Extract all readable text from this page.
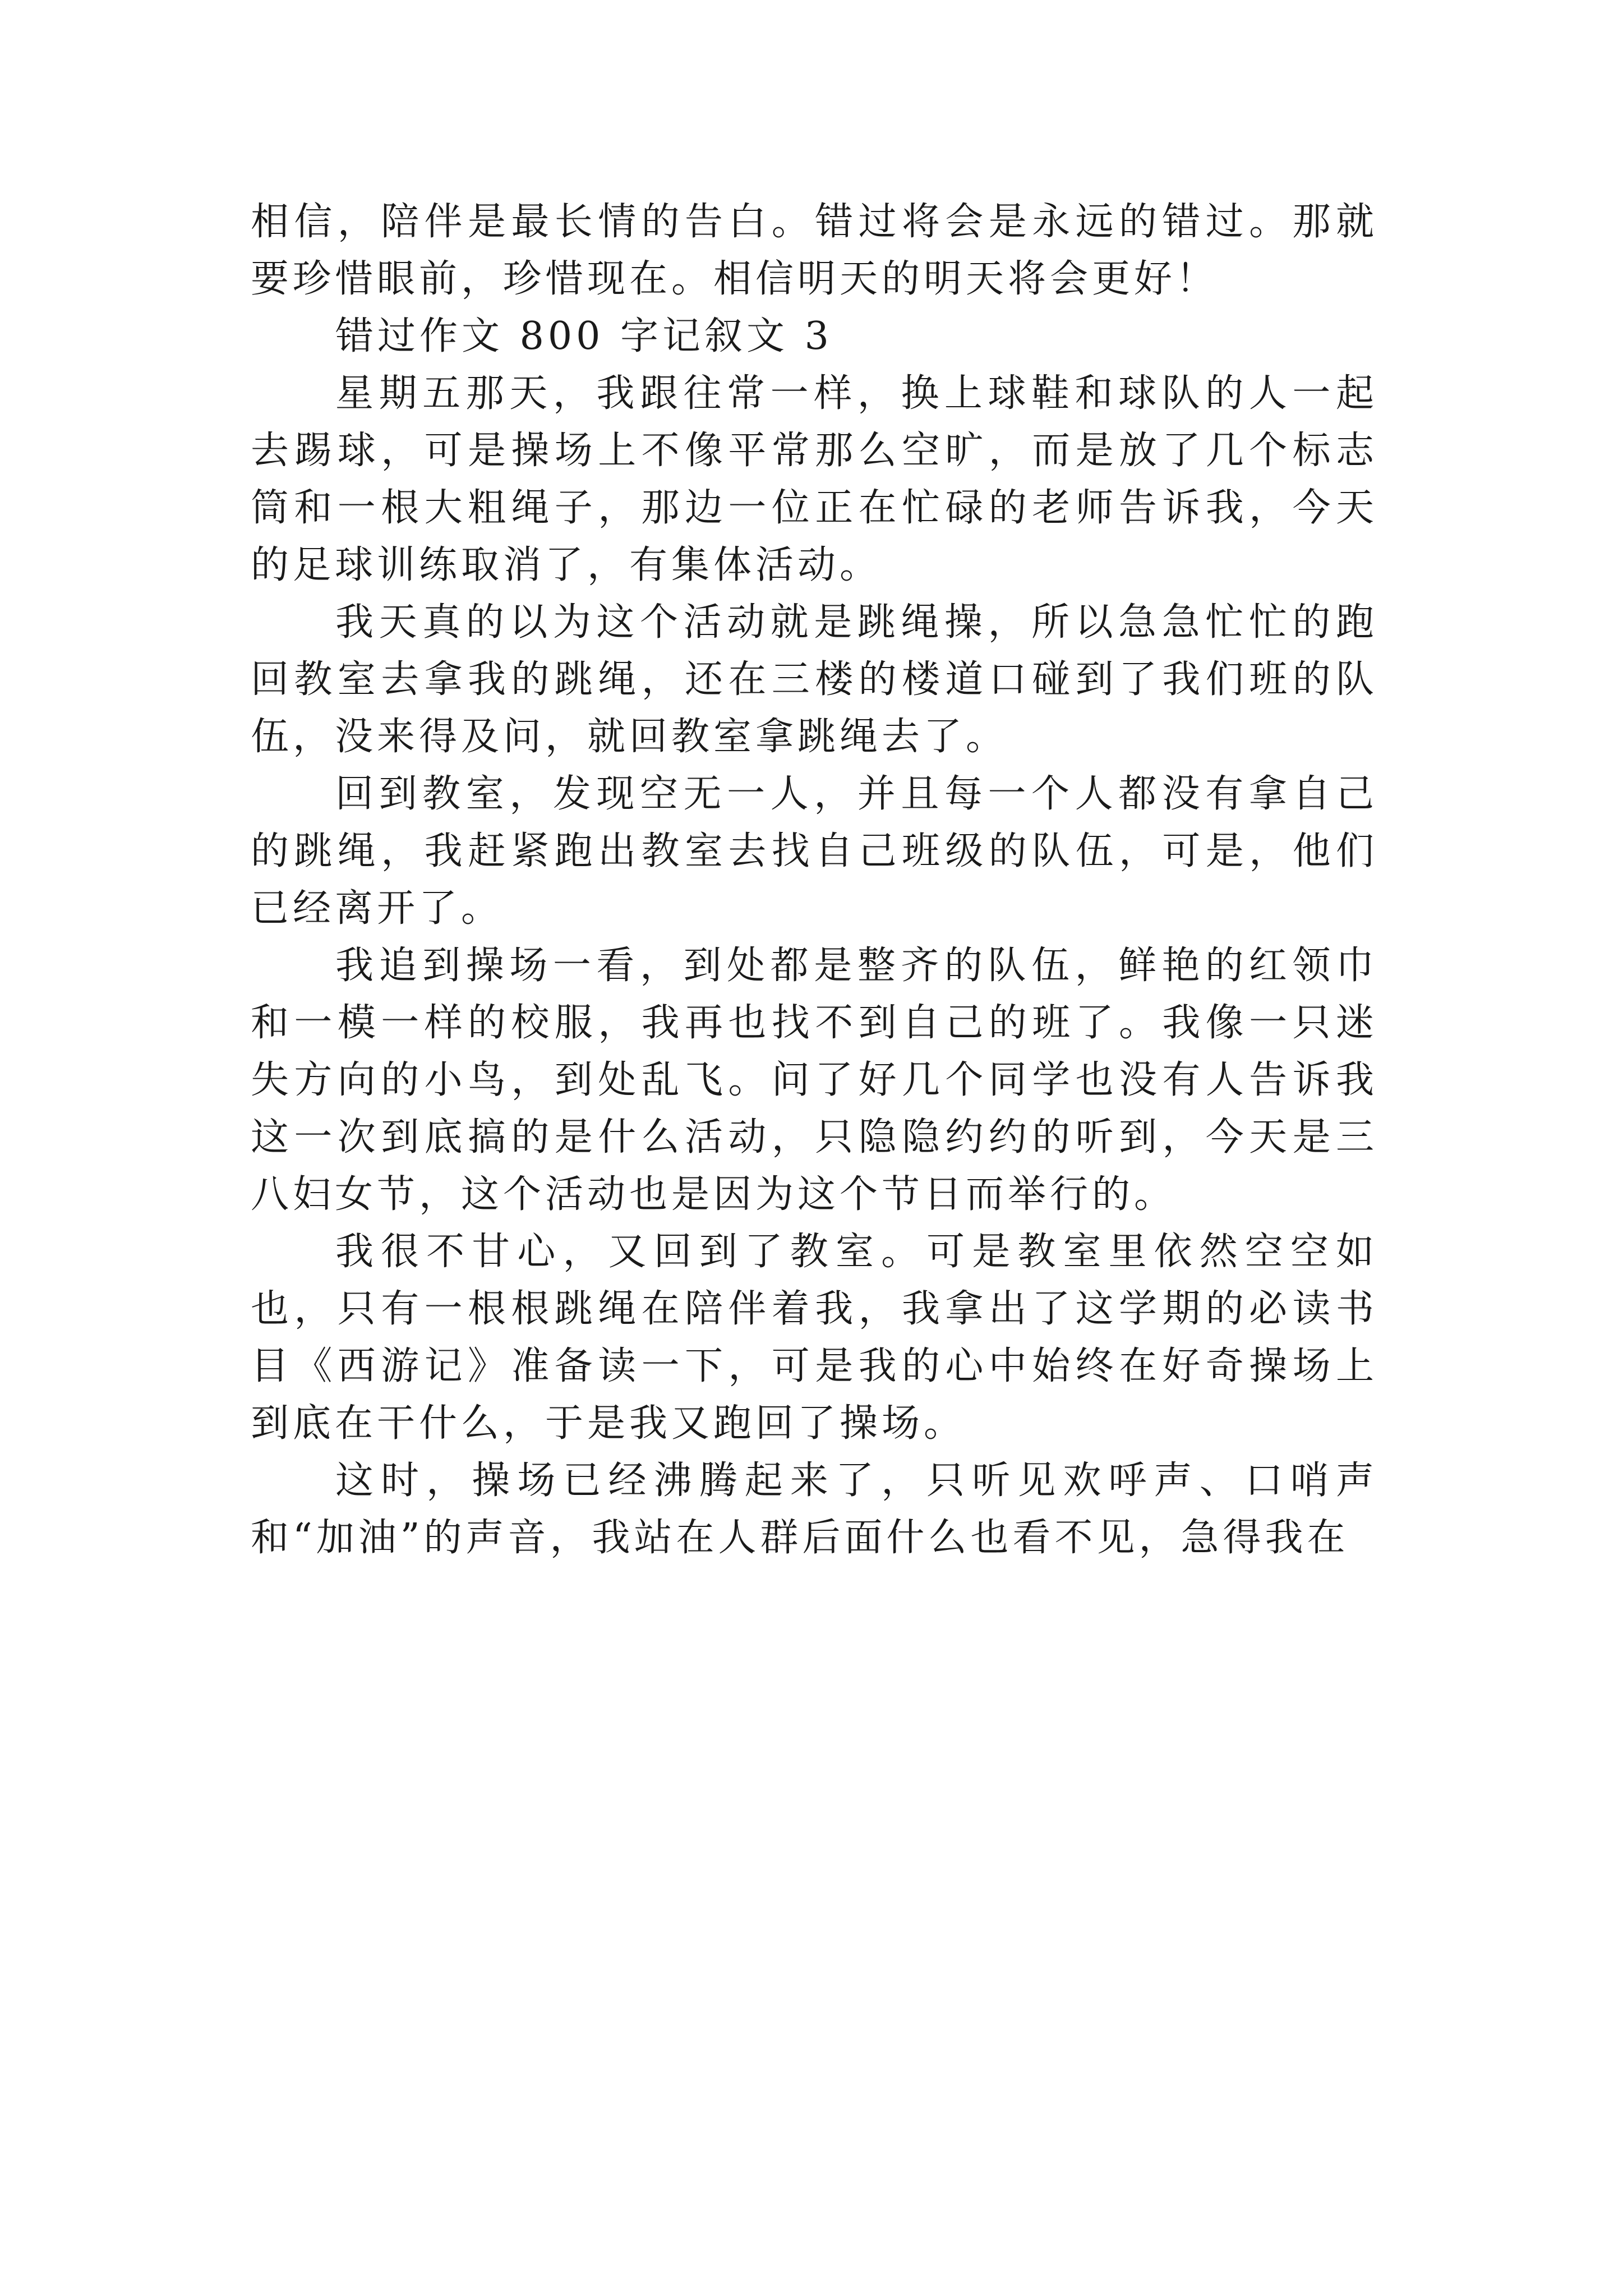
相信，陪伴是最长情的告白。错过将会是永远的错过。那就要珍惜眼前，珍惜现在。相信明天的明天将会更好！

错过作文 800 字记叙文 3

星期五那天，我跟往常一样，换上球鞋和球队的人一起去踢球，可是操场上不像平常那么空旷，而是放了几个标志筒和一根大粗绳子，那边一位正在忙碌的老师告诉我，今天的足球训练取消了，有集体活动。

我天真的以为这个活动就是跳绳操，所以急急忙忙的跑回教室去拿我的跳绳，还在三楼的楼道口碰到了我们班的队伍，没来得及问，就回教室拿跳绳去了。

回到教室，发现空无一人，并且每一个人都没有拿自己的跳绳，我赶紧跑出教室去找自己班级的队伍，可是，他们已经离开了。

我追到操场一看，到处都是整齐的队伍，鲜艳的红领巾和一模一样的校服，我再也找不到自己的班了。我像一只迷失方向的小鸟，到处乱飞。问了好几个同学也没有人告诉我这一次到底搞的是什么活动，只隐隐约约的听到，今天是三八妇女节，这个活动也是因为这个节日而举行的。

我很不甘心，又回到了教室。可是教室里依然空空如也，只有一根根跳绳在陪伴着我，我拿出了这学期的必读书目《西游记》准备读一下，可是我的心中始终在好奇操场上到底在干什么，于是我又跑回了操场。

这时，操场已经沸腾起来了，只听见欢呼声、口哨声和“加油”的声音，我站在人群后面什么也看不见，急得我在
